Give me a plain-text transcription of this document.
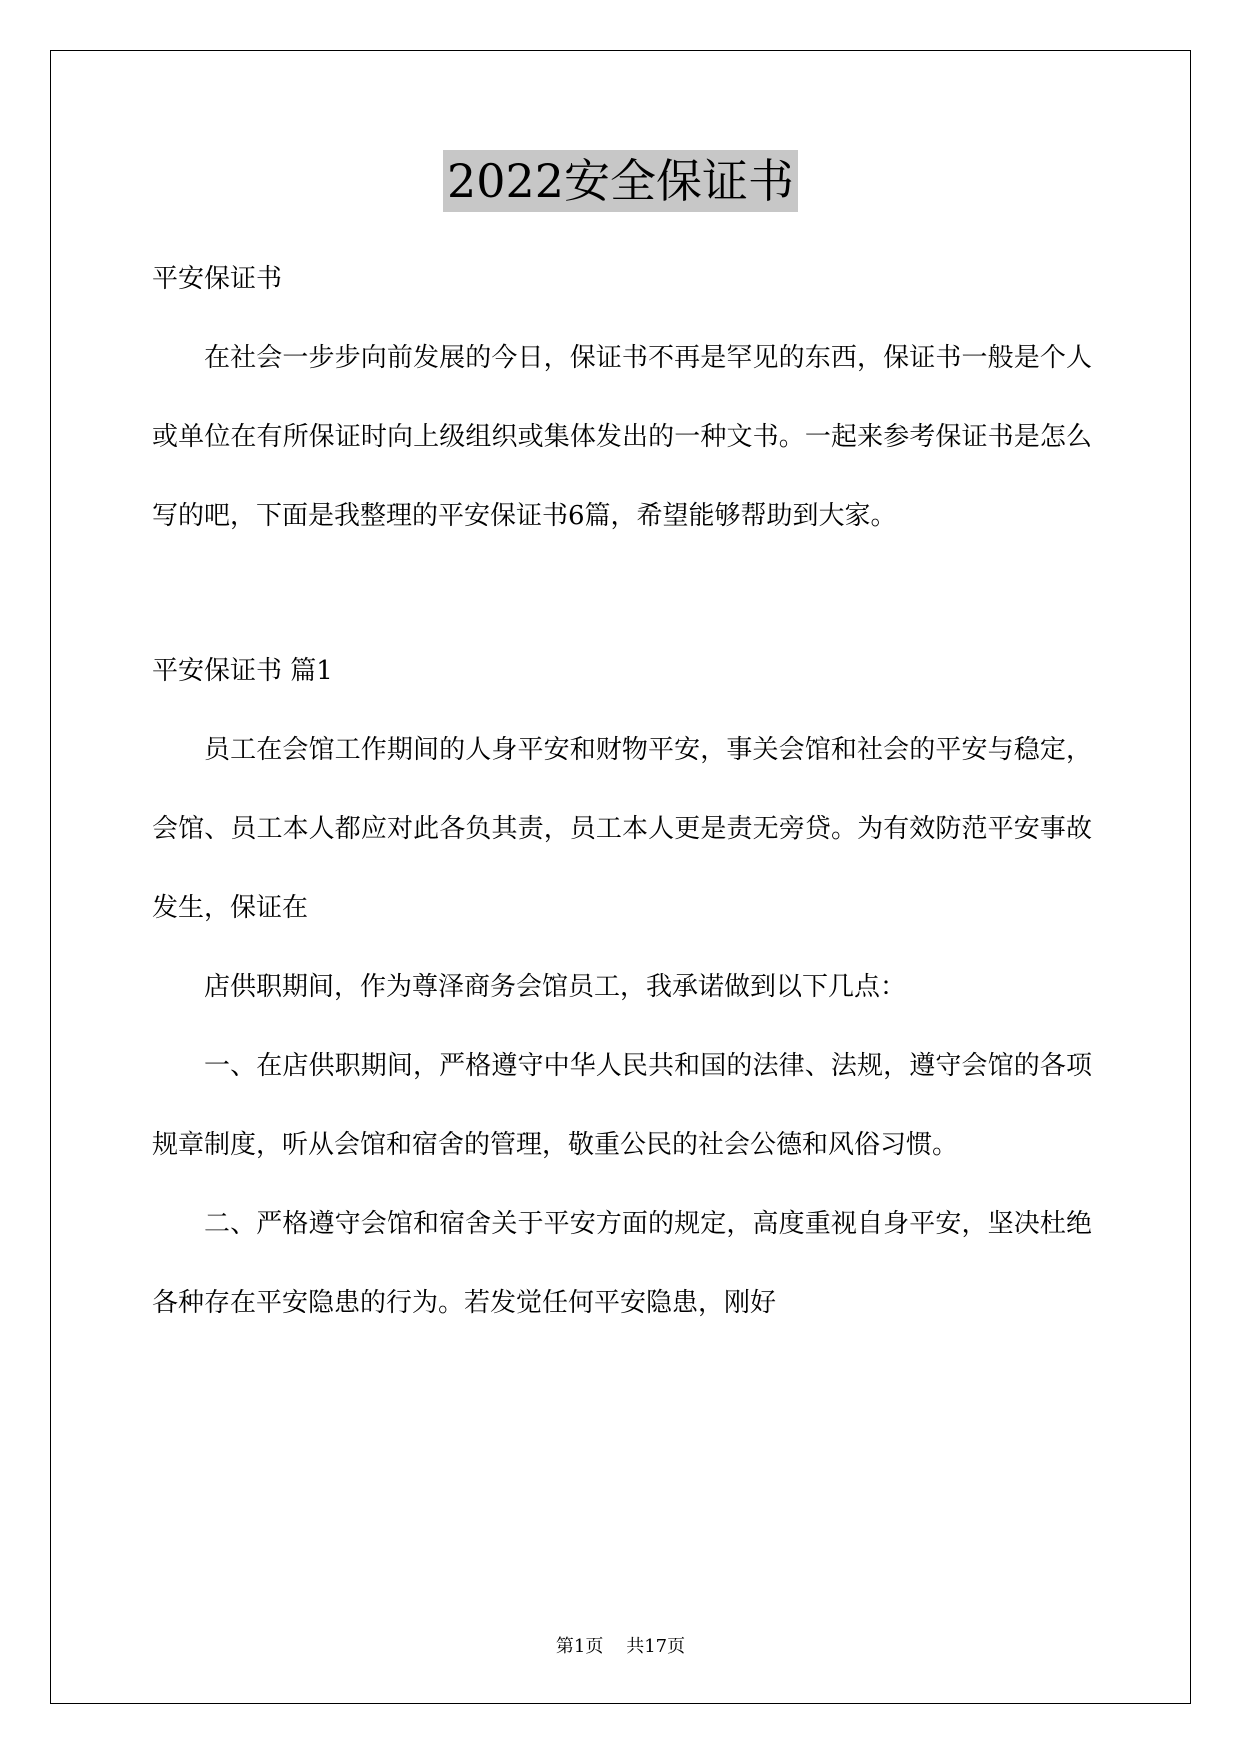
2022安全保证书

平安保证书

在社会一步步向前发展的今日，保证书不再是罕见的东西，保证书一般是个人或单位在有所保证时向上级组织或集体发出的一种文书。一起来参考保证书是怎么写的吧，下面是我整理的平安保证书6篇，希望能够帮助到大家。

平安保证书 篇1

员工在会馆工作期间的人身平安和财物平安，事关会馆和社会的平安与稳定，会馆、员工本人都应对此各负其责，员工本人更是责无旁贷。为有效防范平安事故发生，保证在

店供职期间，作为尊泽商务会馆员工，我承诺做到以下几点：

一、在店供职期间，严格遵守中华人民共和国的法律、法规，遵守会馆的各项规章制度，听从会馆和宿舍的管理，敬重公民的社会公德和风俗习惯。

二、严格遵守会馆和宿舍关于平安方面的规定，高度重视自身平安，坚决杜绝各种存在平安隐患的行为。若发觉任何平安隐患，刚好

第1页 共17页
